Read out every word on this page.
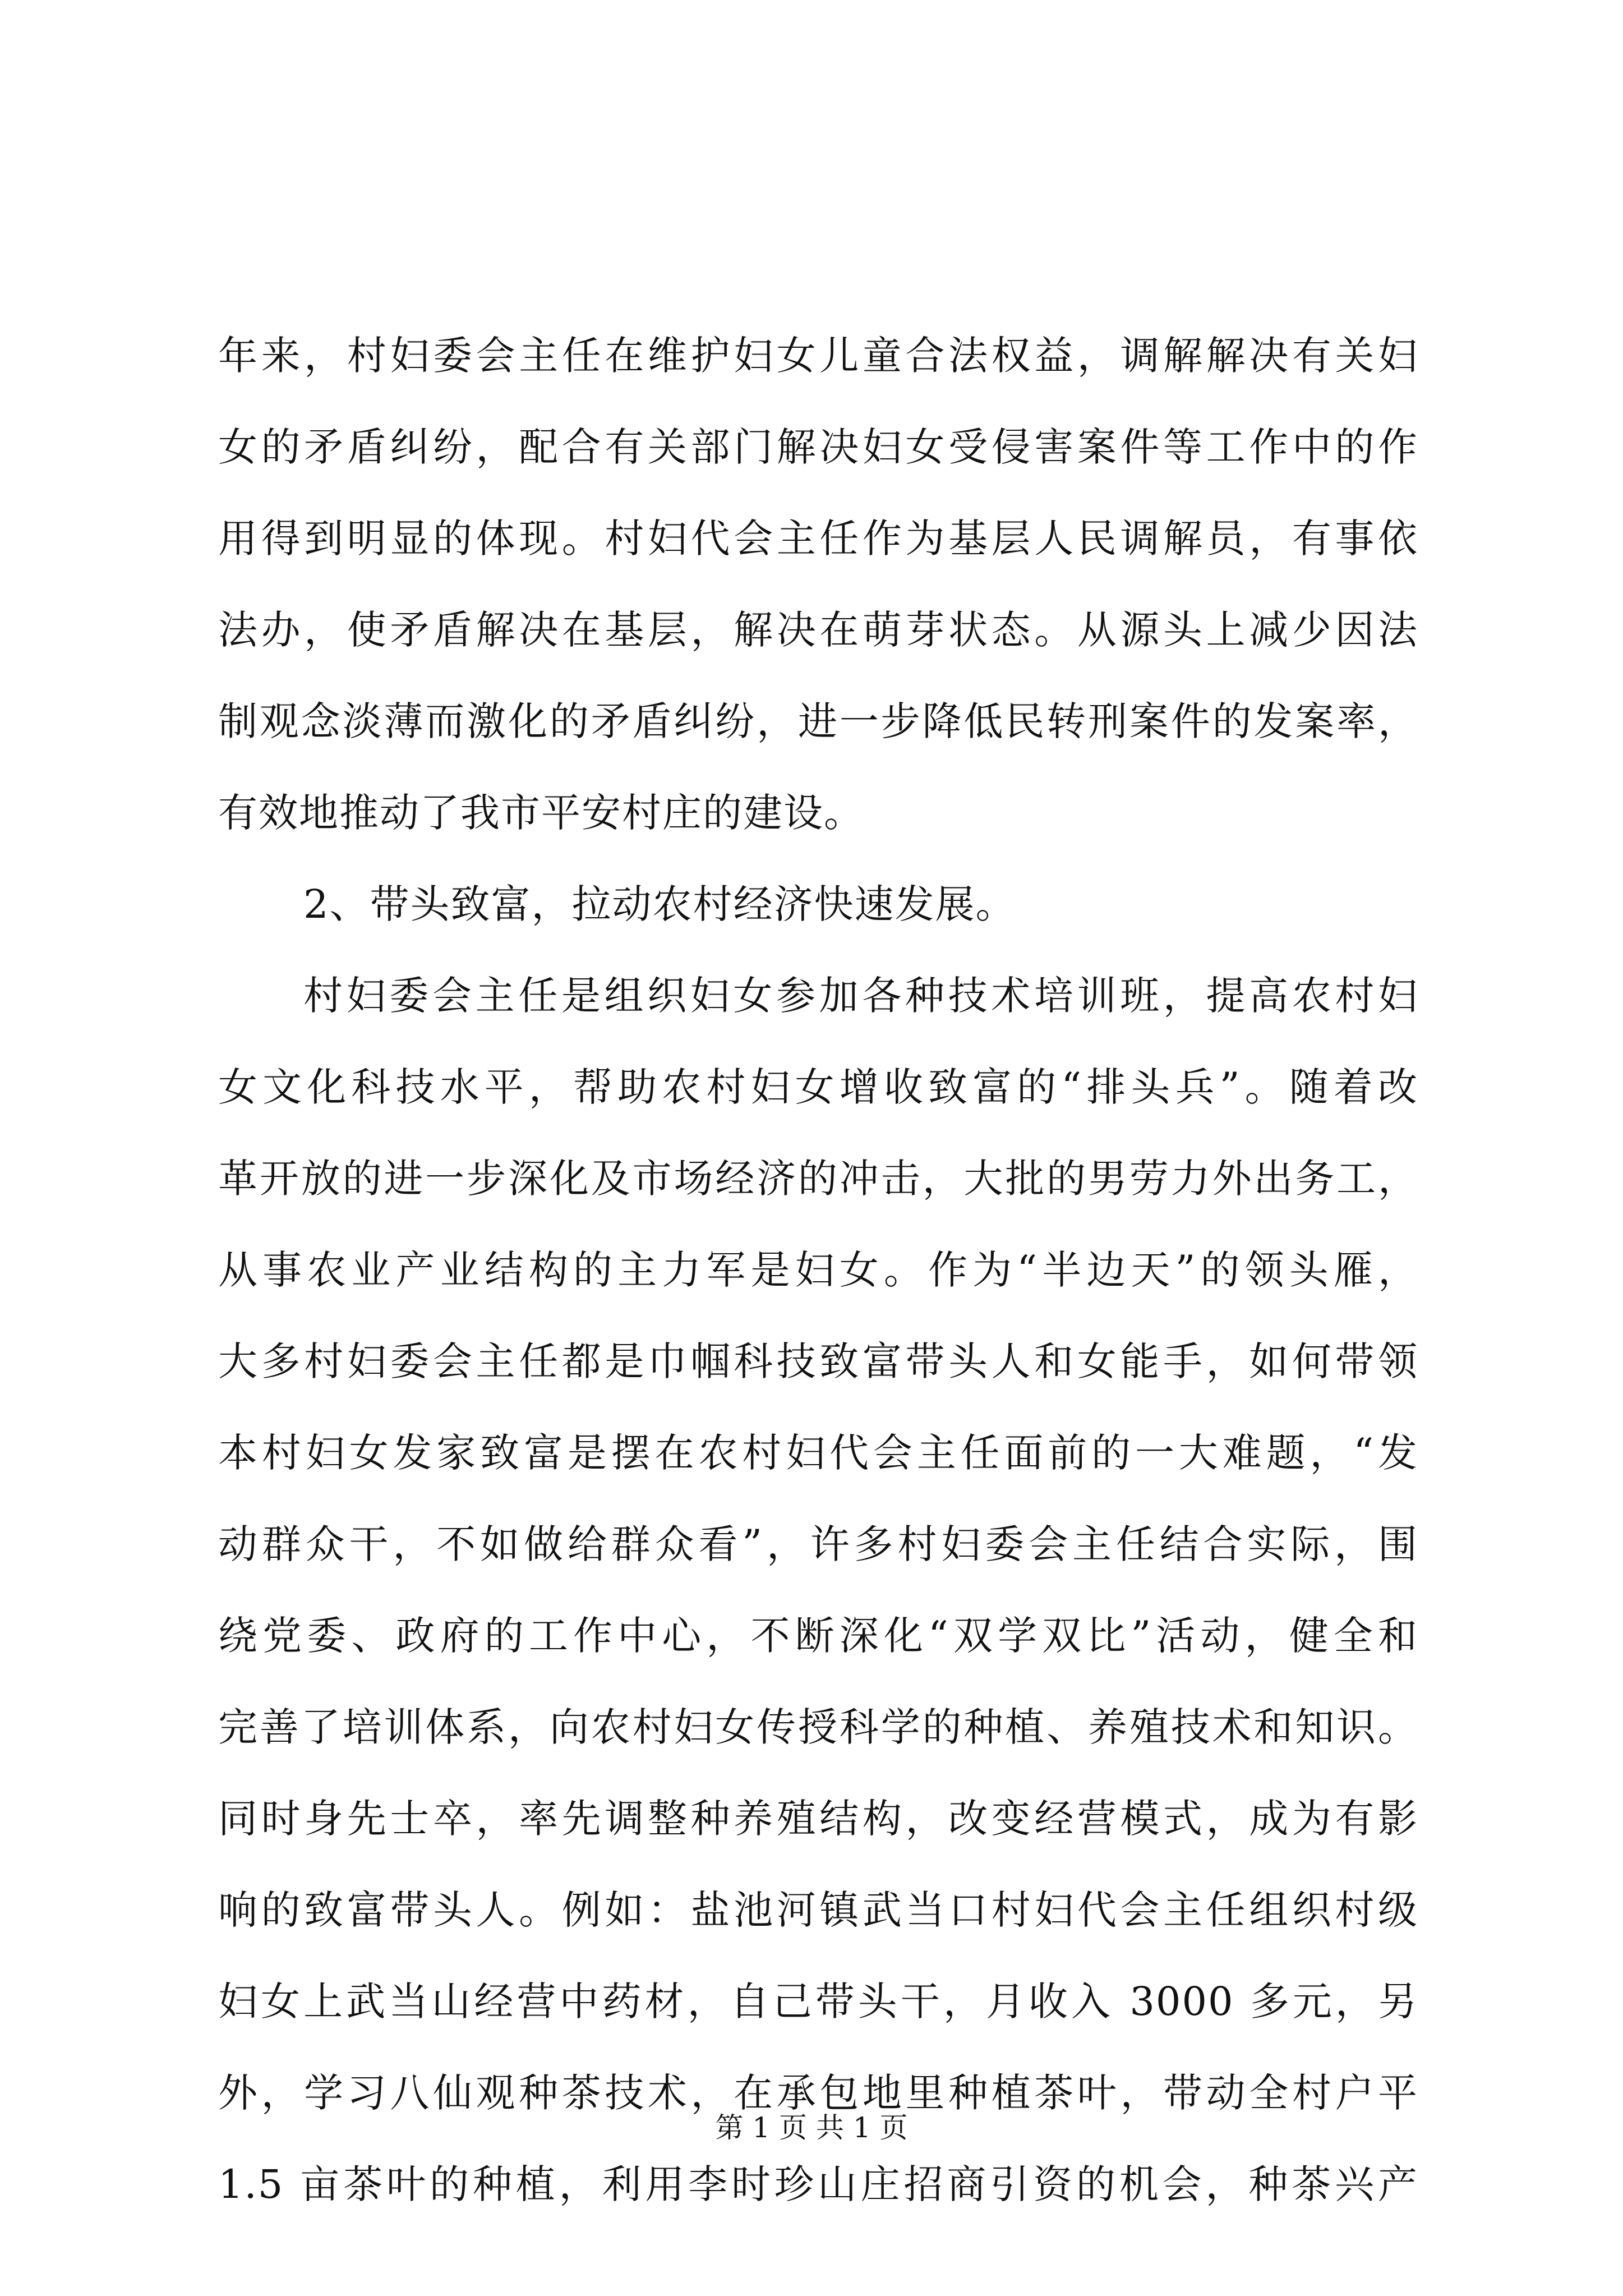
年来，村妇委会主任在维护妇女儿童合法权益，调解解决有关妇
女的矛盾纠纷，配合有关部门解决妇女受侵害案件等工作中的作
用得到明显的体现。村妇代会主任作为基层人民调解员，有事依
法办，使矛盾解决在基层，解决在萌芽状态。从源头上减少因法
制观念淡薄而激化的矛盾纠纷，进一步降低民转刑案件的发案率，
有效地推动了我市平安村庄的建设。
2、带头致富，拉动农村经济快速发展。
村妇委会主任是组织妇女参加各种技术培训班，提高农村妇
女文化科技水平，帮助农村妇女增收致富的“排头兵”。随着改
革开放的进一步深化及市场经济的冲击，大批的男劳力外出务工，
从事农业产业结构的主力军是妇女。作为“半边天”的领头雁，
大多村妇委会主任都是巾帼科技致富带头人和女能手，如何带领
本村妇女发家致富是摆在农村妇代会主任面前的一大难题，“发
动群众干，不如做给群众看”，许多村妇委会主任结合实际，围
绕党委、政府的工作中心，不断深化“双学双比”活动，健全和
完善了培训体系，向农村妇女传授科学的种植、养殖技术和知识。
同时身先士卒，率先调整种养殖结构，改变经营模式，成为有影
响的致富带头人。例如：盐池河镇武当口村妇代会主任组织村级
妇女上武当山经营中药材，自己带头干，月收入 3000 多元，另
外，学习八仙观种茶技术，在承包地里种植茶叶，带动全村户平
1.5 亩茶叶的种植，利用李时珍山庄招商引资的机会，种茶兴产
第 1 页 共 1 页
